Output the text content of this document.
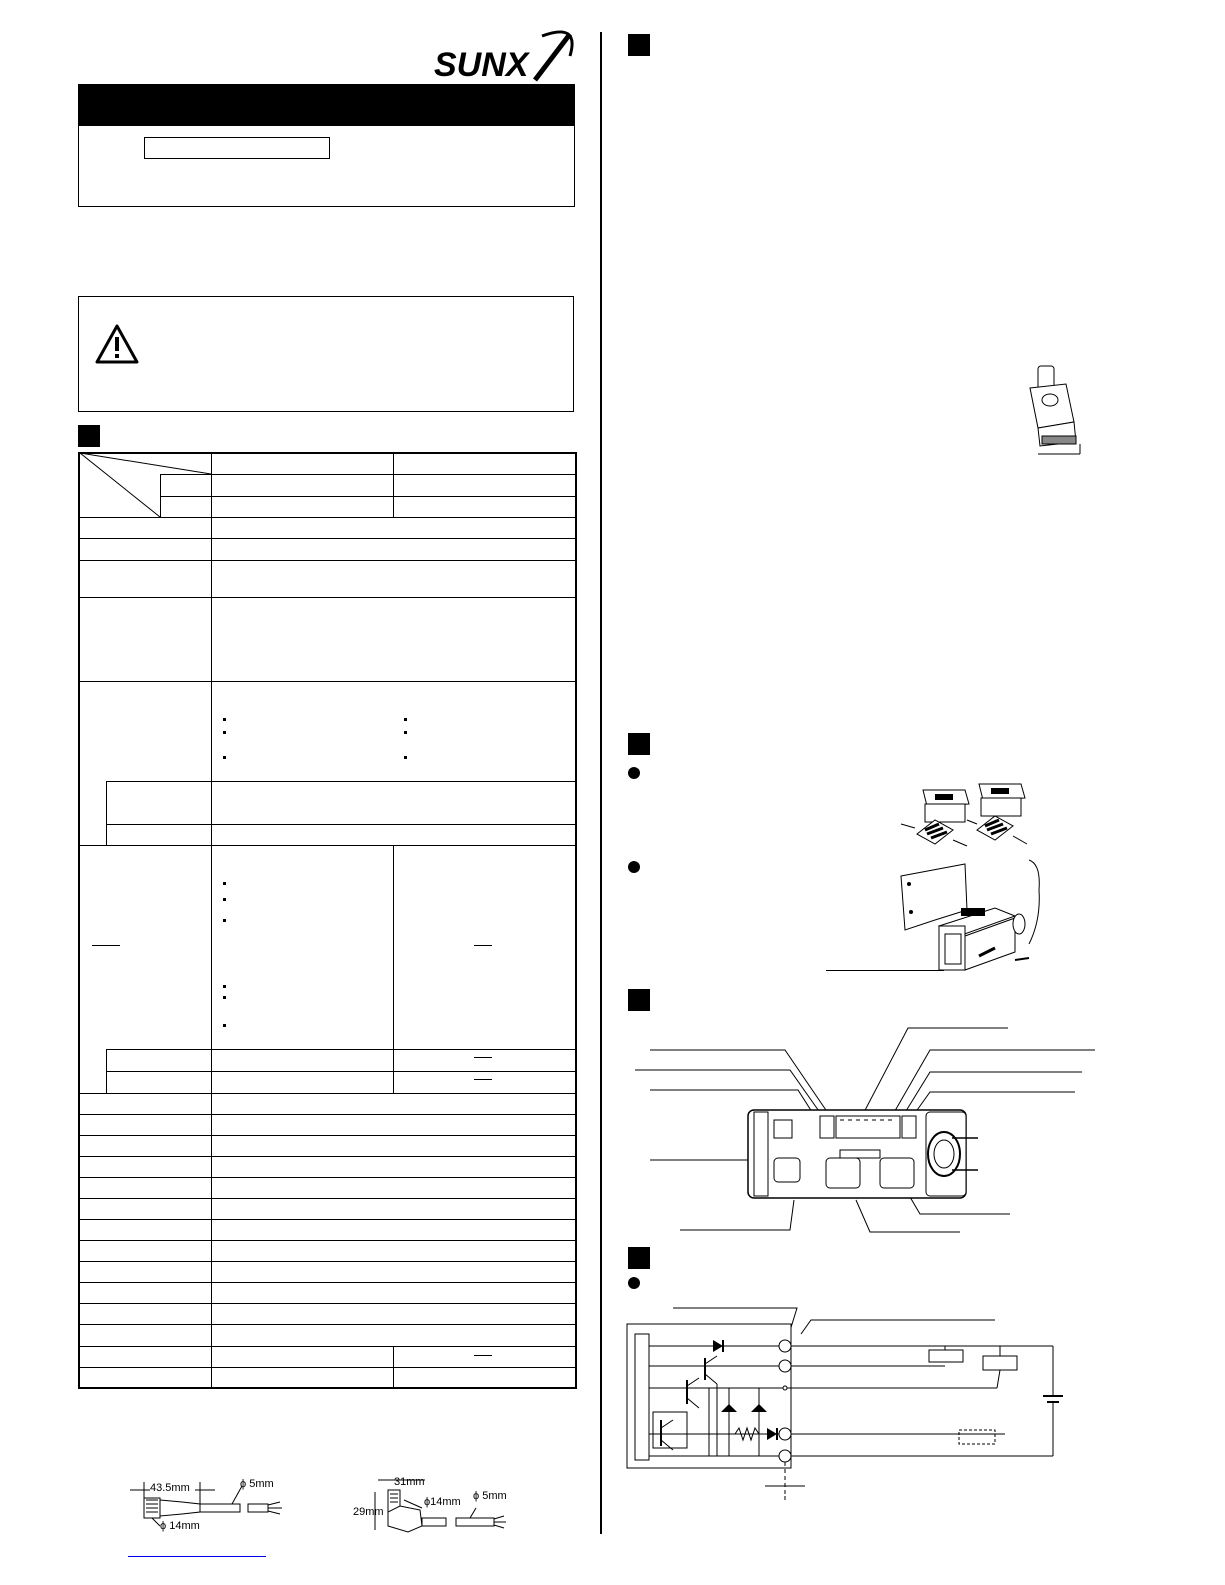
SUNX
43.5mm	ϕ 5mm
ϕ 14mm
31mm
29mm
ϕ14mm ϕ 5mm
